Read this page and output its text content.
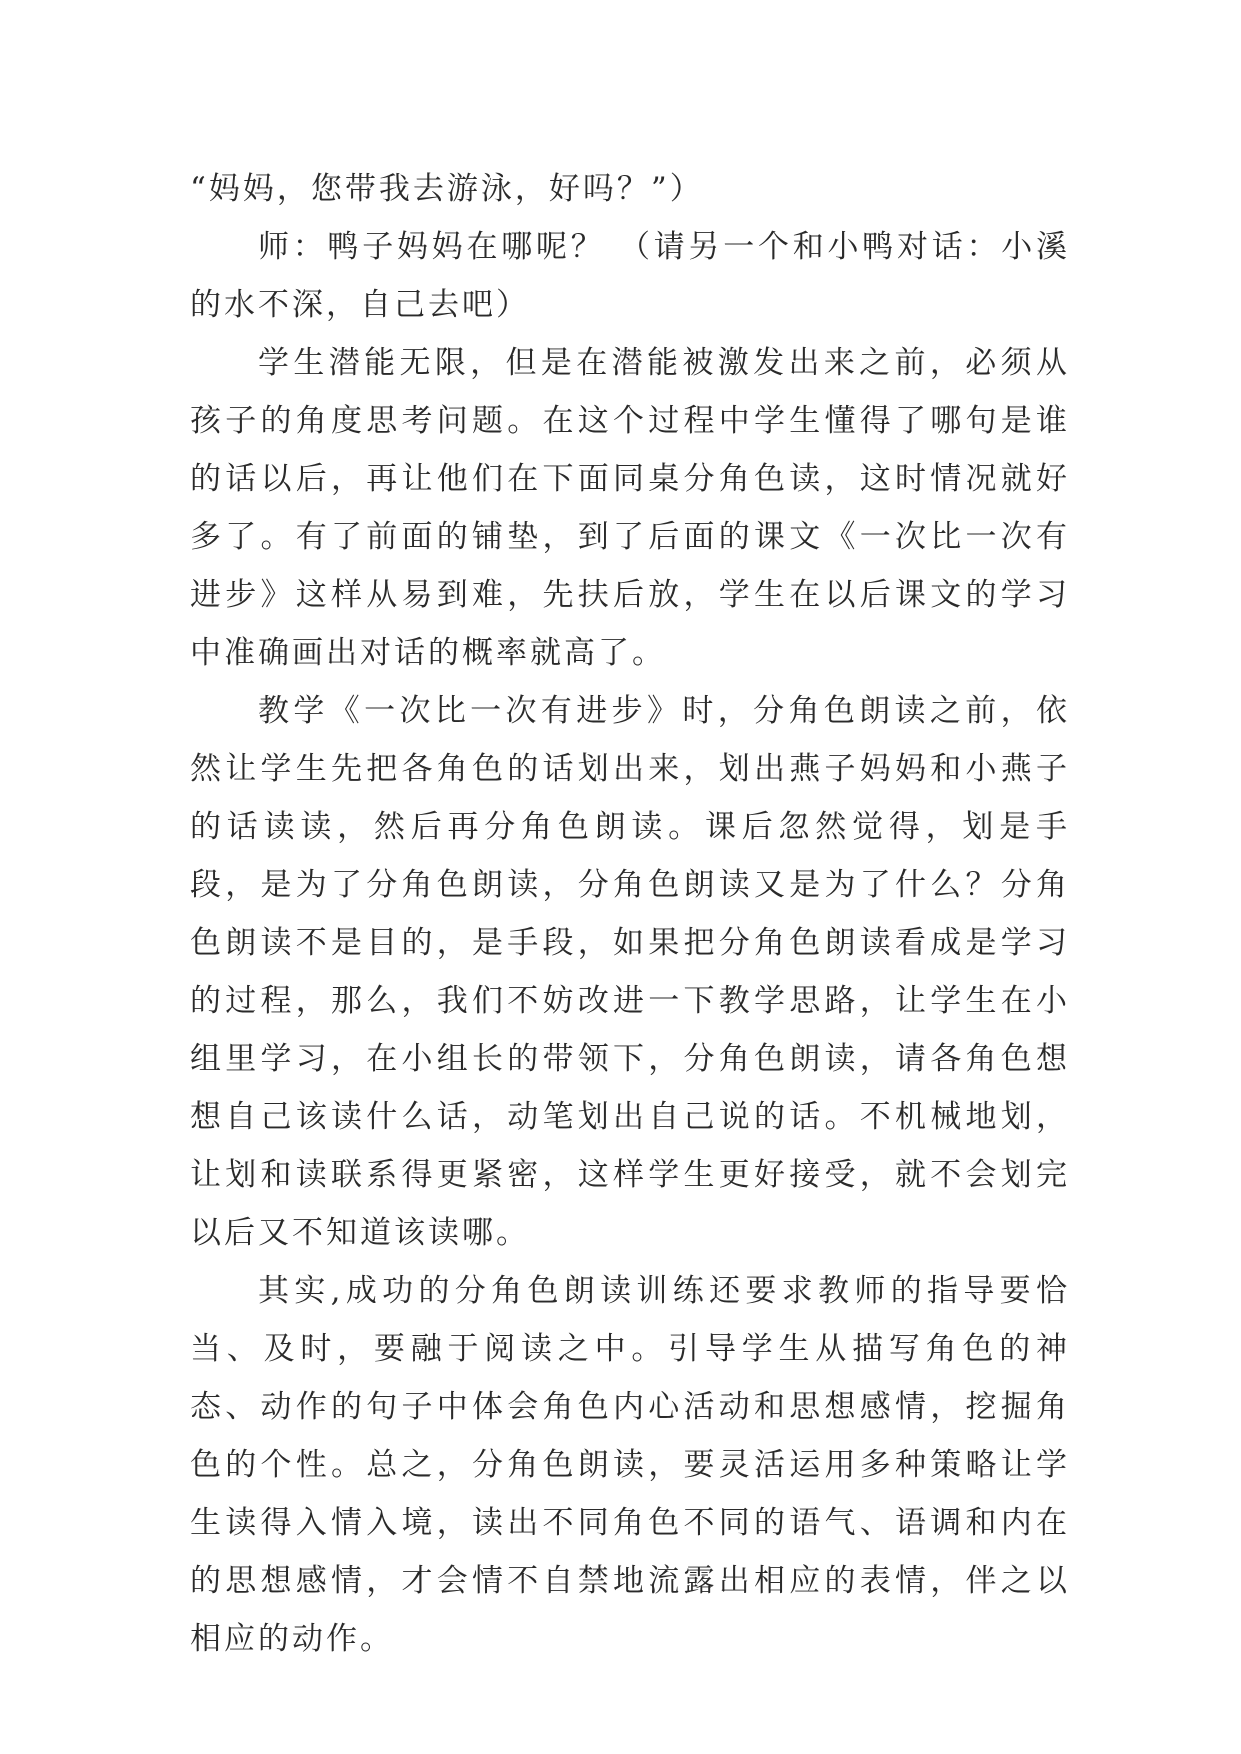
“妈妈，您带我去游泳，好吗？”）

师：鸭子妈妈在哪呢？ （请另一个和小鸭对话：小溪的水不深，自己去吧）

学生潜能无限，但是在潜能被激发出来之前，必须从孩子的角度思考问题。在这个过程中学生懂得了哪句是谁的话以后，再让他们在下面同桌分角色读，这时情况就好多了。有了前面的铺垫，到了后面的课文《一次比一次有进步》这样从易到难，先扶后放，学生在以后课文的学习中准确画出对话的概率就高了。

教学《一次比一次有进步》时，分角色朗读之前，依然让学生先把各角色的话划出来，划出燕子妈妈和小燕子的话读读，然后再分角色朗读。课后忽然觉得，划是手段，是为了分角色朗读，分角色朗读又是为了什么？分角色朗读不是目的，是手段，如果把分角色朗读看成是学习的过程，那么，我们不妨改进一下教学思路，让学生在小组里学习，在小组长的带领下，分角色朗读，请各角色想想自己该读什么话，动笔划出自己说的话。不机械地划，让划和读联系得更紧密，这样学生更好接受，就不会划完以后又不知道该读哪。

其实,成功的分角色朗读训练还要求教师的指导要恰当、及时，要融于阅读之中。引导学生从描写角色的神态、动作的句子中体会角色内心活动和思想感情，挖掘角色的个性。总之，分角色朗读，要灵活运用多种策略让学生读得入情入境，读出不同角色不同的语气、语调和内在的思想感情，才会情不自禁地流露出相应的表情，伴之以相应的动作。
